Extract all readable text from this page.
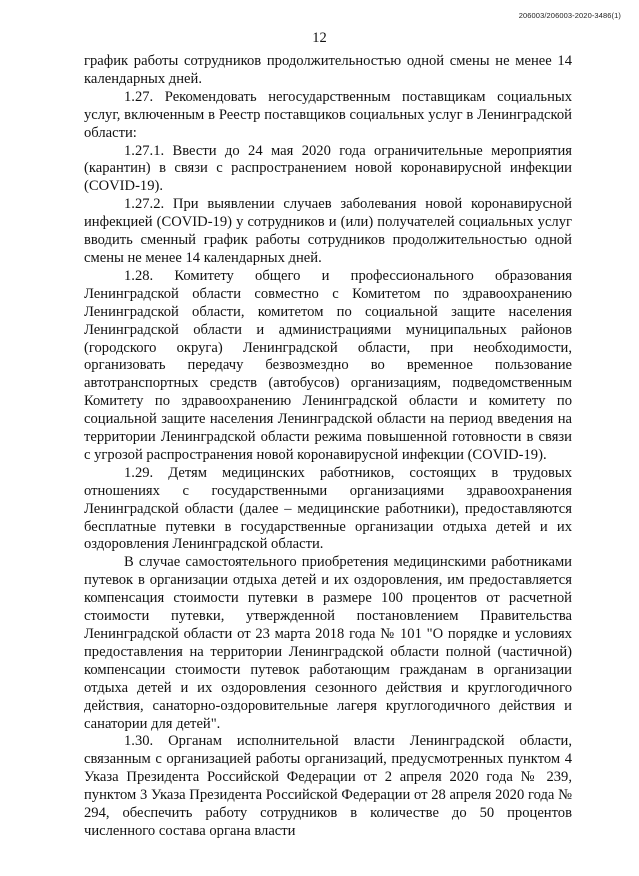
206003/206003-2020-3486(1)
12

график работы сотрудников продолжительностью одной смены не менее 14 календарных дней.

1.27. Рекомендовать негосударственным поставщикам социальных услуг, включенным в Реестр поставщиков социальных услуг в Ленинградской области:

1.27.1. Ввести до 24 мая 2020 года ограничительные мероприятия (карантин) в связи с распространением новой коронавирусной инфекции (COVID-19).

1.27.2. При выявлении случаев заболевания новой коронавирусной инфекцией (COVID-19) у сотрудников и (или) получателей социальных услуг вводить сменный график работы сотрудников продолжительностью одной смены не менее 14 календарных дней.

1.28. Комитету общего и профессионального образования Ленинградской области совместно с Комитетом по здравоохранению Ленинградской области, комитетом по социальной защите населения Ленинградской области и администрациями муниципальных районов (городского округа) Ленинградской области, при необходимости, организовать передачу безвозмездно во временное пользование автотранспортных средств (автобусов) организациям, подведомственным Комитету по здравоохранению Ленинградской области и комитету по социальной защите населения Ленинградской области на период введения на территории Ленинградской области режима повышенной готовности в связи с угрозой распространения новой коронавирусной инфекции (COVID-19).

1.29. Детям медицинских работников, состоящих в трудовых отношениях с государственными организациями здравоохранения Ленинградской области (далее – медицинские работники), предоставляются бесплатные путевки в государственные организации отдыха детей и их оздоровления Ленинградской области.

В случае самостоятельного приобретения медицинскими работниками путевок в организации отдыха детей и их оздоровления, им предоставляется компенсация стоимости путевки в размере 100 процентов от расчетной стоимости путевки, утвержденной постановлением Правительства Ленинградской области от 23 марта 2018 года № 101 "О порядке и условиях предоставления на территории Ленинградской области полной (частичной) компенсации стоимости путевок работающим гражданам в организации отдыха детей и их оздоровления сезонного действия и круглогодичного действия, санаторно-оздоровительные лагеря круглогодичного действия и санатории для детей".

1.30. Органам исполнительной власти Ленинградской области, связанным с организацией работы организаций, предусмотренных пунктом 4 Указа Президента Российской Федерации от 2 апреля 2020 года № 239, пунктом 3 Указа Президента Российской Федерации от 28 апреля 2020 года № 294, обеспечить работу сотрудников в количестве до 50 процентов численного состава органа власти
